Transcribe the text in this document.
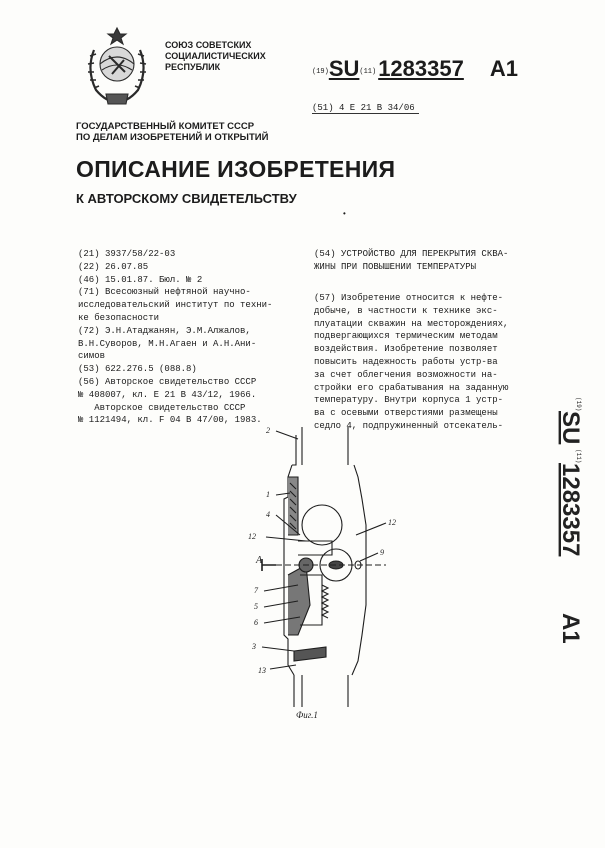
СОЮЗ СОВЕТСКИХ
СОЦИАЛИСТИЧЕСКИХ
РЕСПУБЛИК	(19)SU(11)1283357 A1
(51) 4 E 21 B 34/06
ГОСУДАРСТВЕННЫЙ КОМИТЕТ СССР
ПО ДЕЛАМ ИЗОБРЕТЕНИЙ И ОТКРЫТИЙ
ОПИСАНИЕ ИЗОБРЕТЕНИЯ
К АВТОРСКОМУ СВИДЕТЕЛЬСТВУ
•
(21) 3937/58/22-03
(22) 26.07.85
(46) 15.01.87. Бюл. № 2
(71) Всесоюзный нефтяной научно-
исследовательский институт по техни-
ке безопасности
(72) Э.Н.Атаджанян, Э.М.Алжалов,
В.Н.Суворов, М.Н.Агаен и А.Н.Ани-
симов
(53) 622.276.5 (088.8)
(56) Авторское свидетельство СССР
№ 408007, кл. Е 21 В 43/12, 1966.
Авторское свидетельство СССР
№ 1121494, кл. F 04 В 47/00, 1983.
(54) УСТРОЙСТВО ДЛЯ ПЕРЕКРЫТИЯ СКВА-
ЖИНЫ ПРИ ПОВЫШЕНИИ ТЕМПЕРАТУРЫ
(57) Изобретение относится к нефте-
добыче, в частности к технике экс-
плуатации скважин на месторождениях,
подвергающихся термическим методам
воздействия. Изобретение позволяет
повысить надежность работы устр-ва
за счет облегчения возможности на-
стройки его срабатывания на заданную
температуру. Внутри корпуса 1 устр-
ва с осевыми отверстиями размещены
седло 4, подпружиненный отсекатель-
(19)
SU
(11)
1283357
A1
A
2
1
4
12
12
9
7
5
6
3
13
Фиг.1
